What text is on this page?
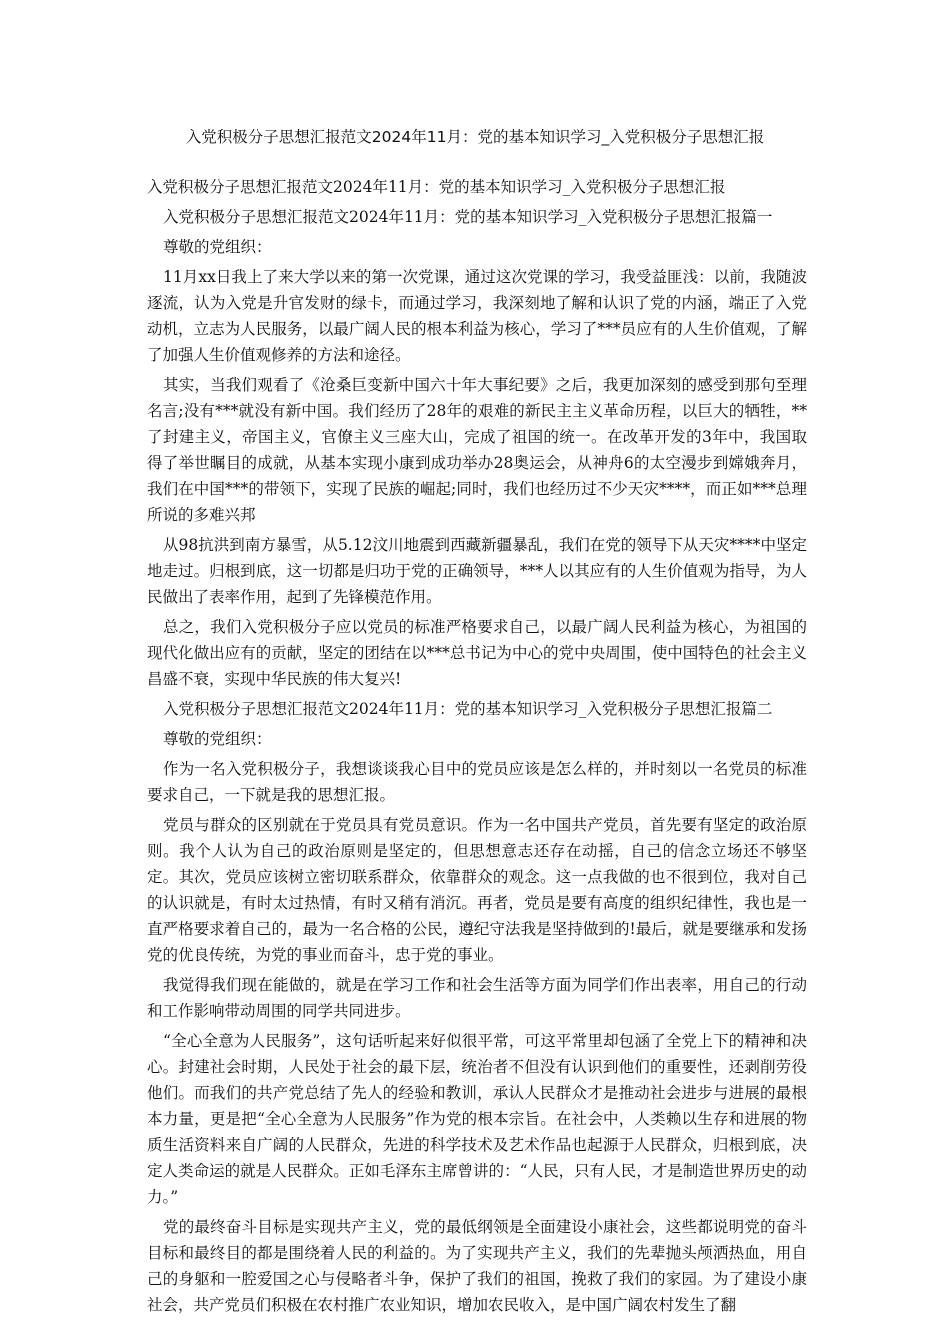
入党积极分子思想汇报范文2024年11月：党的基本知识学习_入党积极分子思想汇报

入党积极分子思想汇报范文2024年11月：党的基本知识学习_入党积极分子思想汇报

入党积极分子思想汇报范文2024年11月：党的基本知识学习_入党积极分子思想汇报篇一

尊敬的党组织：

11月xx日我上了来大学以来的第一次党课，通过这次党课的学习，我受益匪浅：以前，我随波逐流，认为入党是升官发财的绿卡，而通过学习，我深刻地了解和认识了党的内涵，端正了入党动机，立志为人民服务，以最广阔人民的根本利益为核心，学习了***员应有的人生价值观，了解了加强人生价值观修养的方法和途径。

其实，当我们观看了《沧桑巨变新中国六十年大事纪要》之后，我更加深刻的感受到那句至理名言;没有***就没有新中国。我们经历了28年的艰难的新民主主义革命历程，以巨大的牺牲，**了封建主义，帝国主义，官僚主义三座大山，完成了祖国的统一。在改革开发的3年中，我国取得了举世瞩目的成就，从基本实现小康到成功举办28奥运会，从神舟6的太空漫步到嫦娥奔月，我们在中国***的带领下，实现了民族的崛起;同时，我们也经历过不少天灾****，而正如***总理所说的多难兴邦

从98抗洪到南方暴雪，从5.12汶川地震到西藏新疆暴乱，我们在党的领导下从天灾****中坚定地走过。归根到底，这一切都是归功于党的正确领导，***人以其应有的人生价值观为指导，为人民做出了表率作用，起到了先锋模范作用。

总之，我们入党积极分子应以党员的标准严格要求自己，以最广阔人民利益为核心，为祖国的现代化做出应有的贡献，坚定的团结在以***总书记为中心的党中央周围，使中国特色的社会主义昌盛不衰，实现中华民族的伟大复兴!

入党积极分子思想汇报范文2024年11月：党的基本知识学习_入党积极分子思想汇报篇二

尊敬的党组织：

作为一名入党积极分子，我想谈谈我心目中的党员应该是怎么样的，并时刻以一名党员的标准要求自己，一下就是我的思想汇报。

党员与群众的区别就在于党员具有党员意识。作为一名中国共产党员，首先要有坚定的政治原则。我个人认为自己的政治原则是坚定的，但思想意志还存在动摇，自己的信念立场还不够坚定。其次，党员应该树立密切联系群众，依靠群众的观念。这一点我做的也不很到位，我对自己的认识就是，有时太过热情，有时又稍有消沉。再者，党员是要有高度的组织纪律性，我也是一直严格要求着自己的，最为一名合格的公民，遵纪守法我是坚持做到的!最后，就是要继承和发扬党的优良传统，为党的事业而奋斗，忠于党的事业。

我觉得我们现在能做的，就是在学习工作和社会生活等方面为同学们作出表率，用自己的行动和工作影响带动周围的同学共同进步。

“全心全意为人民服务”，这句话听起来好似很平常，可这平常里却包涵了全党上下的精神和决心。封建社会时期，人民处于社会的最下层，统治者不但没有认识到他们的重要性，还剥削劳役他们。而我们的共产党总结了先人的经验和教训，承认人民群众才是推动社会进步与进展的最根本力量，更是把“全心全意为人民服务”作为党的根本宗旨。在社会中，人类赖以生存和进展的物质生活资料来自广阔的人民群众，先进的科学技术及艺术作品也起源于人民群众，归根到底，决定人类命运的就是人民群众。正如毛泽东主席曾讲的：“人民，只有人民，才是制造世界历史的动力。”

党的最终奋斗目标是实现共产主义，党的最低纲领是全面建设小康社会，这些都说明党的奋斗目标和最终目的都是围绕着人民的利益的。为了实现共产主义，我们的先辈抛头颅洒热血，用自己的身躯和一腔爱国之心与侵略者斗争，保护了我们的祖国，挽救了我们的家园。为了建设小康社会，共产党员们积极在农村推广农业知识，增加农民收入，是中国广阔农村发生了翻
